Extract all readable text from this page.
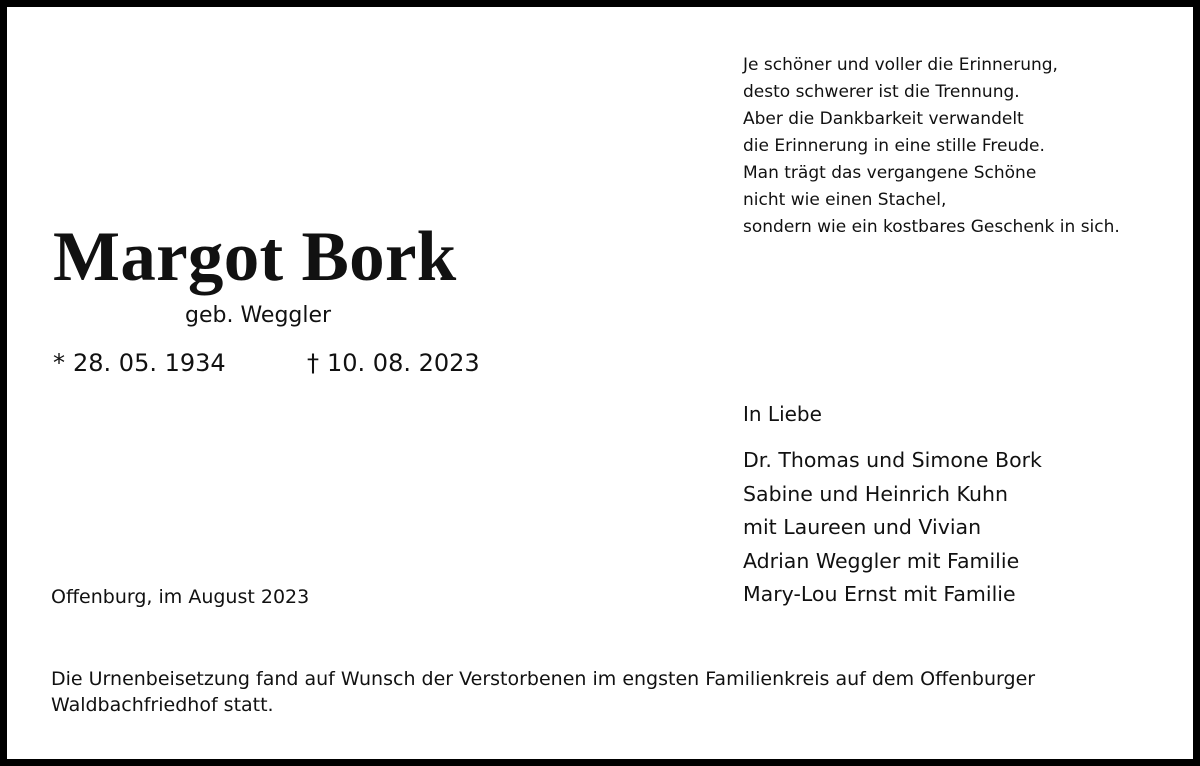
Je schöner und voller die Erinnerung,
desto schwerer ist die Trennung.
Aber die Dankbarkeit verwandelt
die Erinnerung in eine stille Freude.
Man trägt das vergangene Schöne
nicht wie einen Stachel,
sondern wie ein kostbares Geschenk in sich.
Margot Bork
geb. Weggler
* 28. 05. 1934	† 10. 08. 2023
Offenburg, im August 2023
In Liebe
Dr. Thomas und Simone Bork
Sabine und Heinrich Kuhn
mit Laureen und Vivian
Adrian Weggler mit Familie
Mary-Lou Ernst mit Familie
Die Urnenbeisetzung fand auf Wunsch der Verstorbenen im engsten Familienkreis auf dem Offenburger Waldbachfriedhof statt.
